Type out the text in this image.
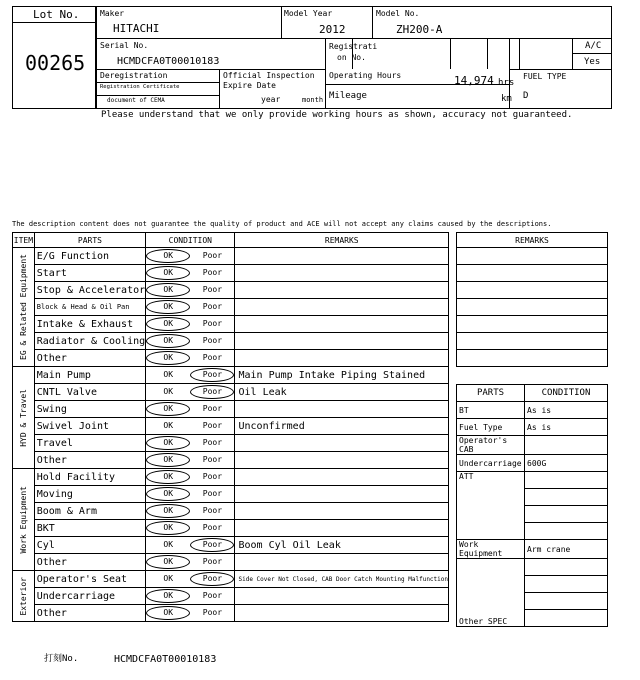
Lot No.
00265
Maker
HITACHI
Model Year
2012
Model No.
ZH200-A
Serial No.
HCMDCFA0T00010183
Registrati
on No.
A/C
Yes
Deregistration
Registration Certificate
document of CEMA
Official Inspection
Expire Date
year	month
Operating Hours	14,974 hrs
Mileage	km
FUEL TYPE
D
Please understand that we only provide working hours as shown, accuracy not guaranteed.
The description content does not guarantee the quality of product and ACE will not accept any claims caused by the descriptions.
ITEM	PARTS	CONDITION		REMARKS

EG & Related Equipment	E/G Function	OK	Poor	
	Start	OK	Poor	
	Stop & Accelerator	OK	Poor	
	Block & Head & Oil Pan	OK	Poor	
	Intake & Exhaust	OK	Poor	
	Radiator & Cooling	OK	Poor	
	Other	OK	Poor	

HYD & Travel	Main Pump	OK	Poor	Main Pump Intake Piping Stained
	CNTL Valve	OK	Poor	Oil Leak
	Swing	OK	Poor	
	Swivel Joint	OK	Poor	Unconfirmed
	Travel	OK	Poor	
	Other	OK	Poor	

Work Equipment	Hold Facility	OK	Poor	
	Moving	OK	Poor	
	Boom & Arm	OK	Poor	
	BKT	OK	Poor	
	Cyl	OK	Poor	Boom Cyl Oil Leak
	Other	OK	Poor	

Exterior	Operator's Seat	OK	Poor	Side Cover Not Closed, CAB Door Catch Mounting Malfunction
	Undercarriage	OK	Poor	
	Other	OK	Poor	
REMARKS

PARTS	CONDITION
BT	As is
Fuel Type	As is
Operator's CAB	
Undercarriage	600G
ATT	

Work Equipment	Arm crane
Other SPEC	

打刻No.	HCMDCFA0T00010183
